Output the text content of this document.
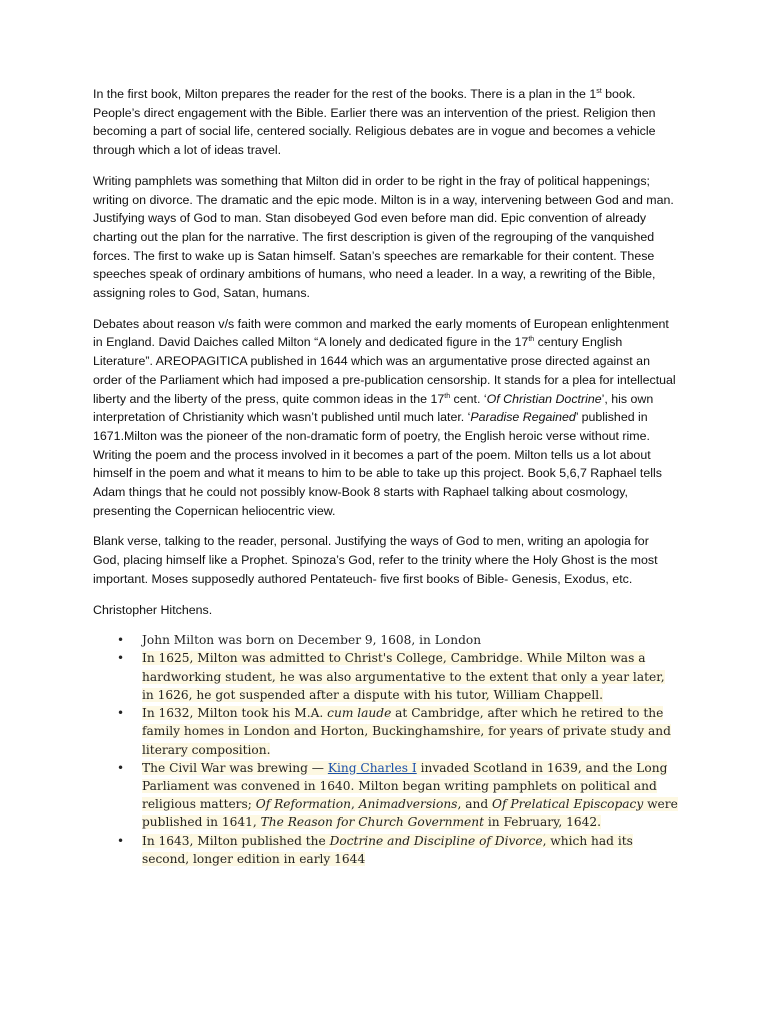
In the first book, Milton prepares the reader for the rest of the books. There is a plan in the 1st book. People’s direct engagement with the Bible. Earlier there was an intervention of the priest. Religion then becoming a part of social life, centered socially. Religious debates are in vogue and becomes a vehicle through which a lot of ideas travel.

Writing pamphlets was something that Milton did in order to be right in the fray of political happenings; writing on divorce. The dramatic and the epic mode. Milton is in a way, intervening between God and man. Justifying ways of God to man. Stan disobeyed God even before man did. Epic convention of already charting out the plan for the narrative. The first description is given of the regrouping of the vanquished forces. The first to wake up is Satan himself. Satan’s speeches are remarkable for their content. These speeches speak of ordinary ambitions of humans, who need a leader. In a way, a rewriting of the Bible, assigning roles to God, Satan, humans.

Debates about reason v/s faith were common and marked the early moments of European enlightenment in England. David Daiches called Milton “A lonely and dedicated figure in the 17th century English Literature”. AREOPAGITICA published in 1644 which was an argumentative prose directed against an order of the Parliament which had imposed a pre-publication censorship. It stands for a plea for intellectual liberty and the liberty of the press, quite common ideas in the 17th cent. ‘Of Christian Doctrine’, his own interpretation of Christianity which wasn’t published until much later. ‘Paradise Regained’ published in 1671.Milton was the pioneer of the non-dramatic form of poetry, the English heroic verse without rime. Writing the poem and the process involved in it becomes a part of the poem. Milton tells us a lot about himself in the poem and what it means to him to be able to take up this project. Book 5,6,7 Raphael tells Adam things that he could not possibly know-Book 8 starts with Raphael talking about cosmology, presenting the Copernican heliocentric view.

Blank verse, talking to the reader, personal. Justifying the ways of God to men, writing an apologia for God, placing himself like a Prophet. Spinoza’s God, refer to the trinity where the Holy Ghost is the most important. Moses supposedly authored Pentateuch- five first books of Bible- Genesis, Exodus, etc.

Christopher Hitchens.

• John Milton was born on December 9, 1608, in London
• In 1625, Milton was admitted to Christ's College, Cambridge. While Milton was a hardworking student, he was also argumentative to the extent that only a year later, in 1626, he got suspended after a dispute with his tutor, William Chappell.
• In 1632, Milton took his M.A. cum laude at Cambridge, after which he retired to the family homes in London and Horton, Buckinghamshire, for years of private study and literary composition.
• The Civil War was brewing — King Charles I invaded Scotland in 1639, and the Long Parliament was convened in 1640. Milton began writing pamphlets on political and religious matters; Of Reformation, Animadversions, and Of Prelatical Episcopacy were published in 1641, The Reason for Church Government in February, 1642.
• In 1643, Milton published the Doctrine and Discipline of Divorce, which had its second, longer edition in early 1644
